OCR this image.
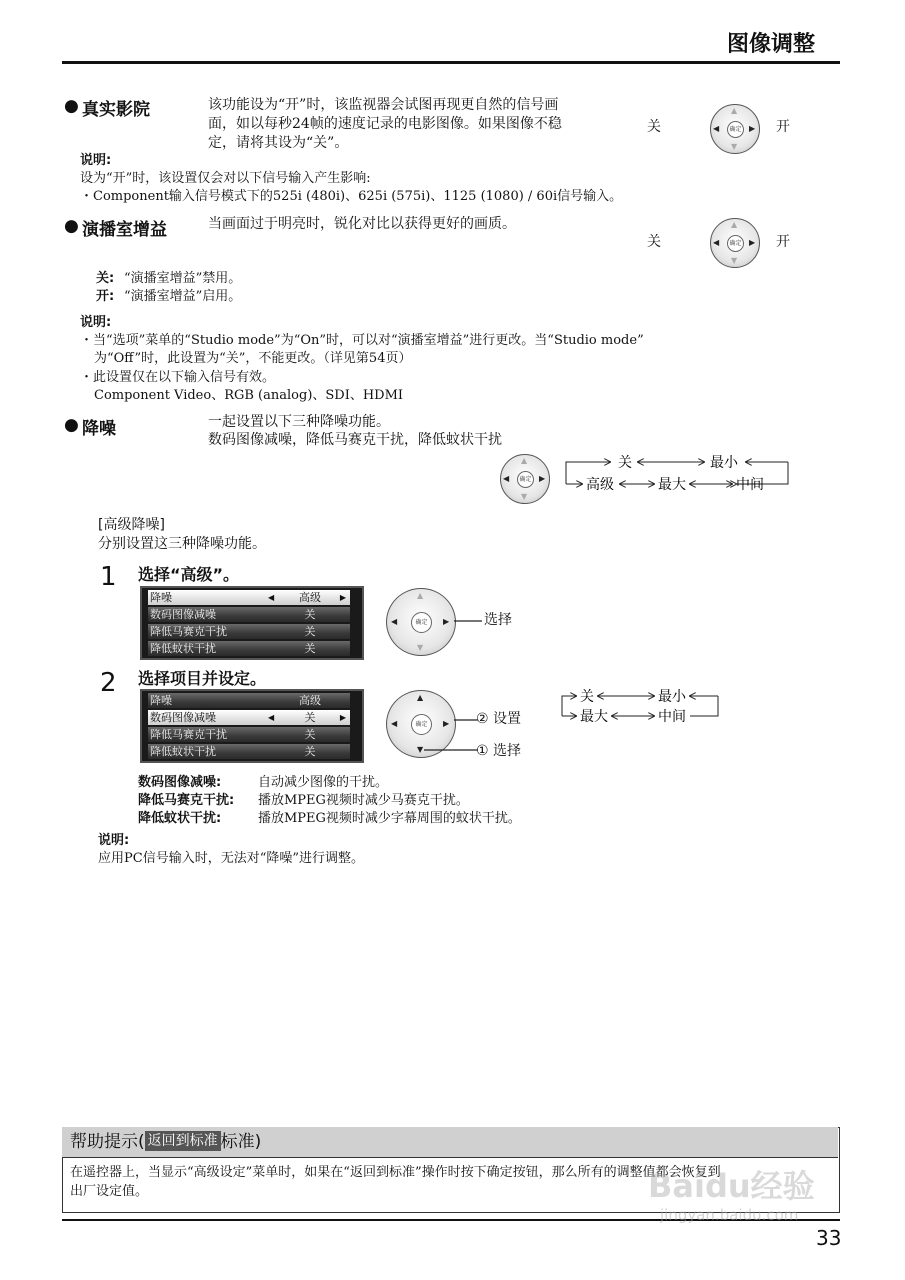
图像调整
● 真实影院	该功能设为“开”时，该监视器会试图再现更自然的信号画
面，如以每秒24帧的速度记录的电影图像。如果图像不稳
定，请将其设为“关”。
关	确定
▲
▼
◀	▶ 开
说明:
设为“开”时，该设置仅会对以下信号输入产生影响:
・Component输入信号模式下的525i (480i)、625i (575i)、1125 (1080) / 60i信号输入。
● 演播室增益	当画面过于明亮时，锐化对比以获得更好的画质。
关	确定
▲
▼
◀	▶ 开
关: “演播室增益”禁用。
开: “演播室增益”启用。
说明:
・当“选项”菜单的“Studio mode”为“On”时，可以对“演播室增益”进行更改。当“Studio mode”
为“Off”时，此设置为“关”，不能更改。（详见第54页）
・此设置仅在以下输入信号有效。
Component Video、RGB (analog)、SDI、HDMI
● 降噪	一起设置以下三种降噪功能。
数码图像减噪，降低马赛克干扰，降低蚊状干扰
确定
▲
▼
◀	▶
关	最小
高级	最大	中间
[高级降噪]
分别设置这三种降噪功能。
1 选择“高级”。
降噪	◀	高级	▶
数码图像减噪	关
降低马赛克干扰	关
降低蚊状干扰	关
确定
▲
▼
◀	▶ 选择
2 选择项目并设定。
降噪	高级
数码图像减噪	◀	关	▶
降低马赛克干扰	关
降低蚊状干扰	关
确定
▲
▼
◀	▶ ② 设置
① 选择
关	最小
最大	中间
数码图像减噪:	自动减少图像的干扰。
降低马赛克干扰: 播放MPEG视频时减少马赛克干扰。
降低蚊状干扰:	播放MPEG视频时减少字幕周围的蚊状干扰。
说明:
应用PC信号输入时，无法对“降噪”进行调整。
帮助提示( 返回到标准 标准)
在遥控器上，当显示“高级设定”菜单时，如果在“返回到标准”操作时按下确定按钮，那么所有的调整值都会恢复到
出厂设定值。
33
Baidu经验
jingyan.baidu.com
